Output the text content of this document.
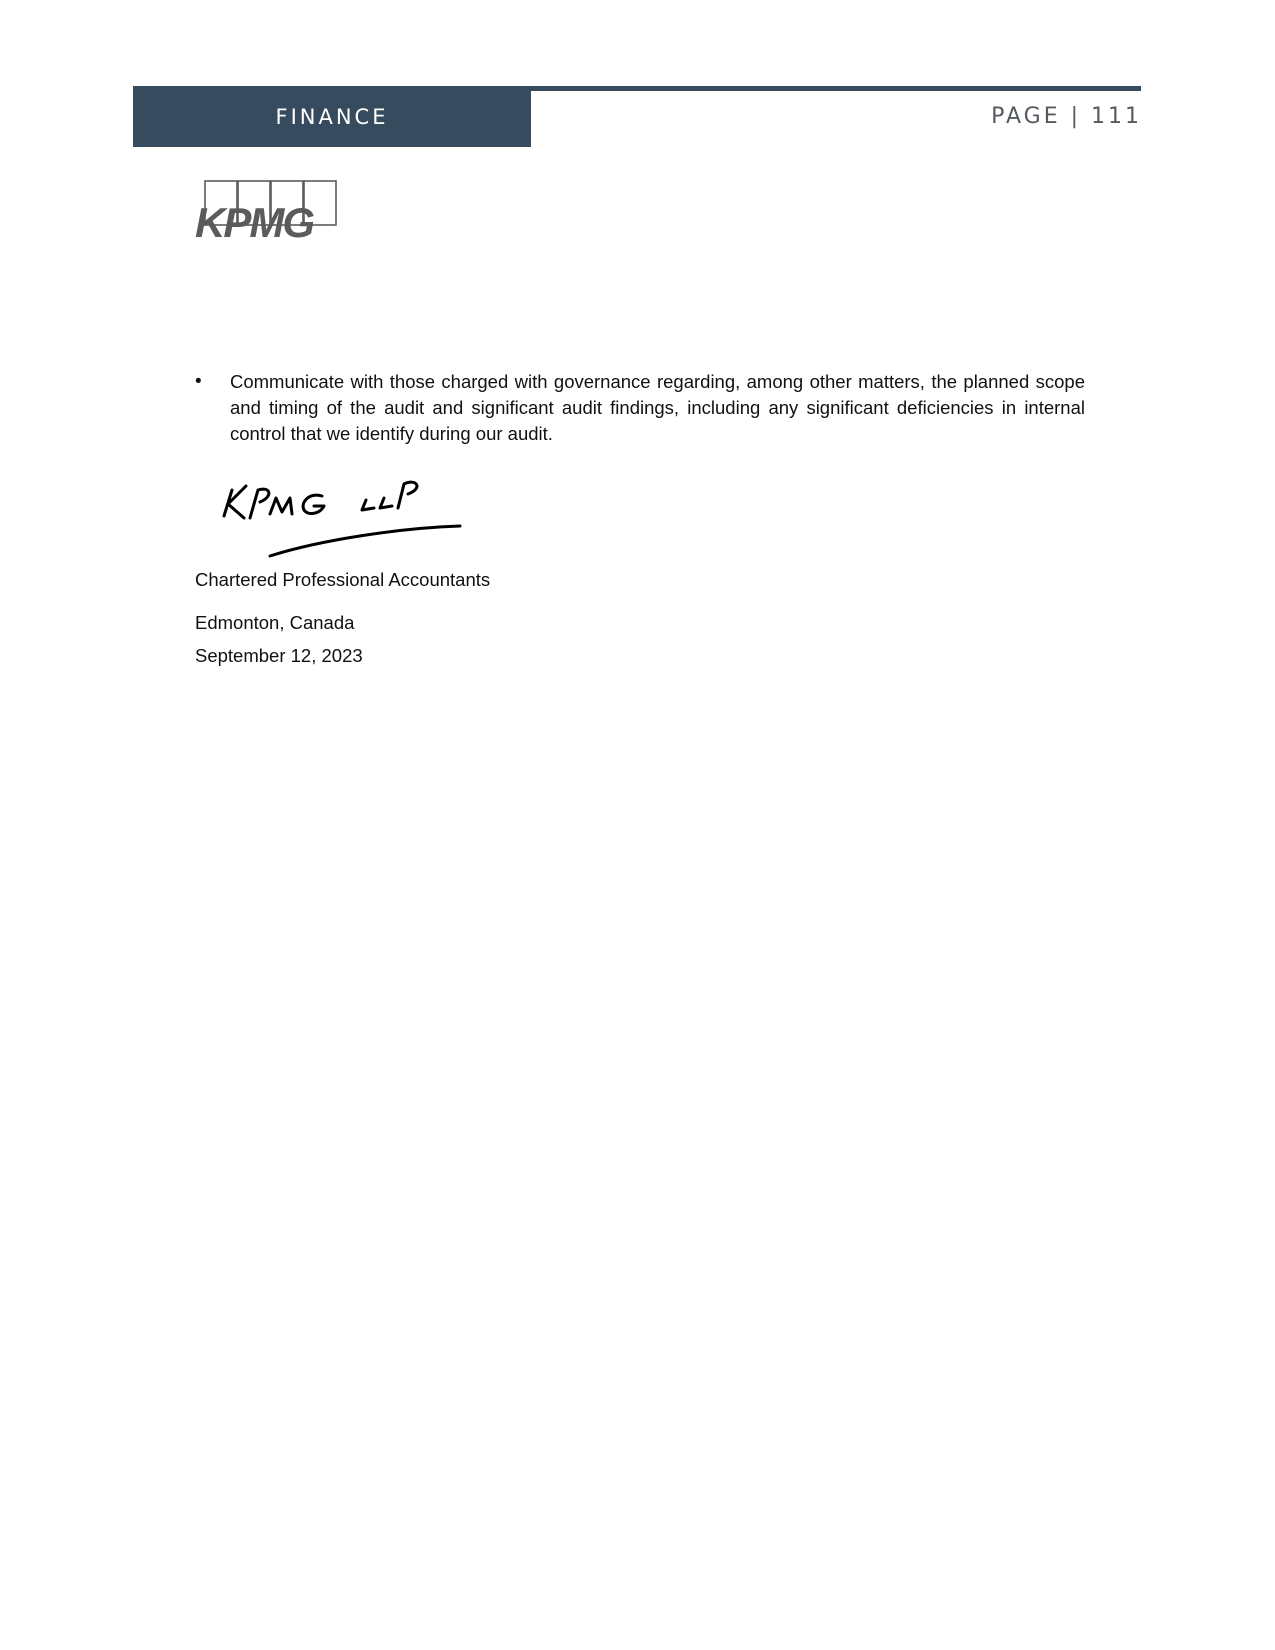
FINANCE	PAGE | 111
KPMG
• Communicate with those charged with governance regarding, among other matters, the planned scope and timing of the audit and significant audit findings, including any significant deficiencies in internal control that we identify during our audit.
Chartered Professional Accountants
Edmonton, Canada
September 12, 2023
